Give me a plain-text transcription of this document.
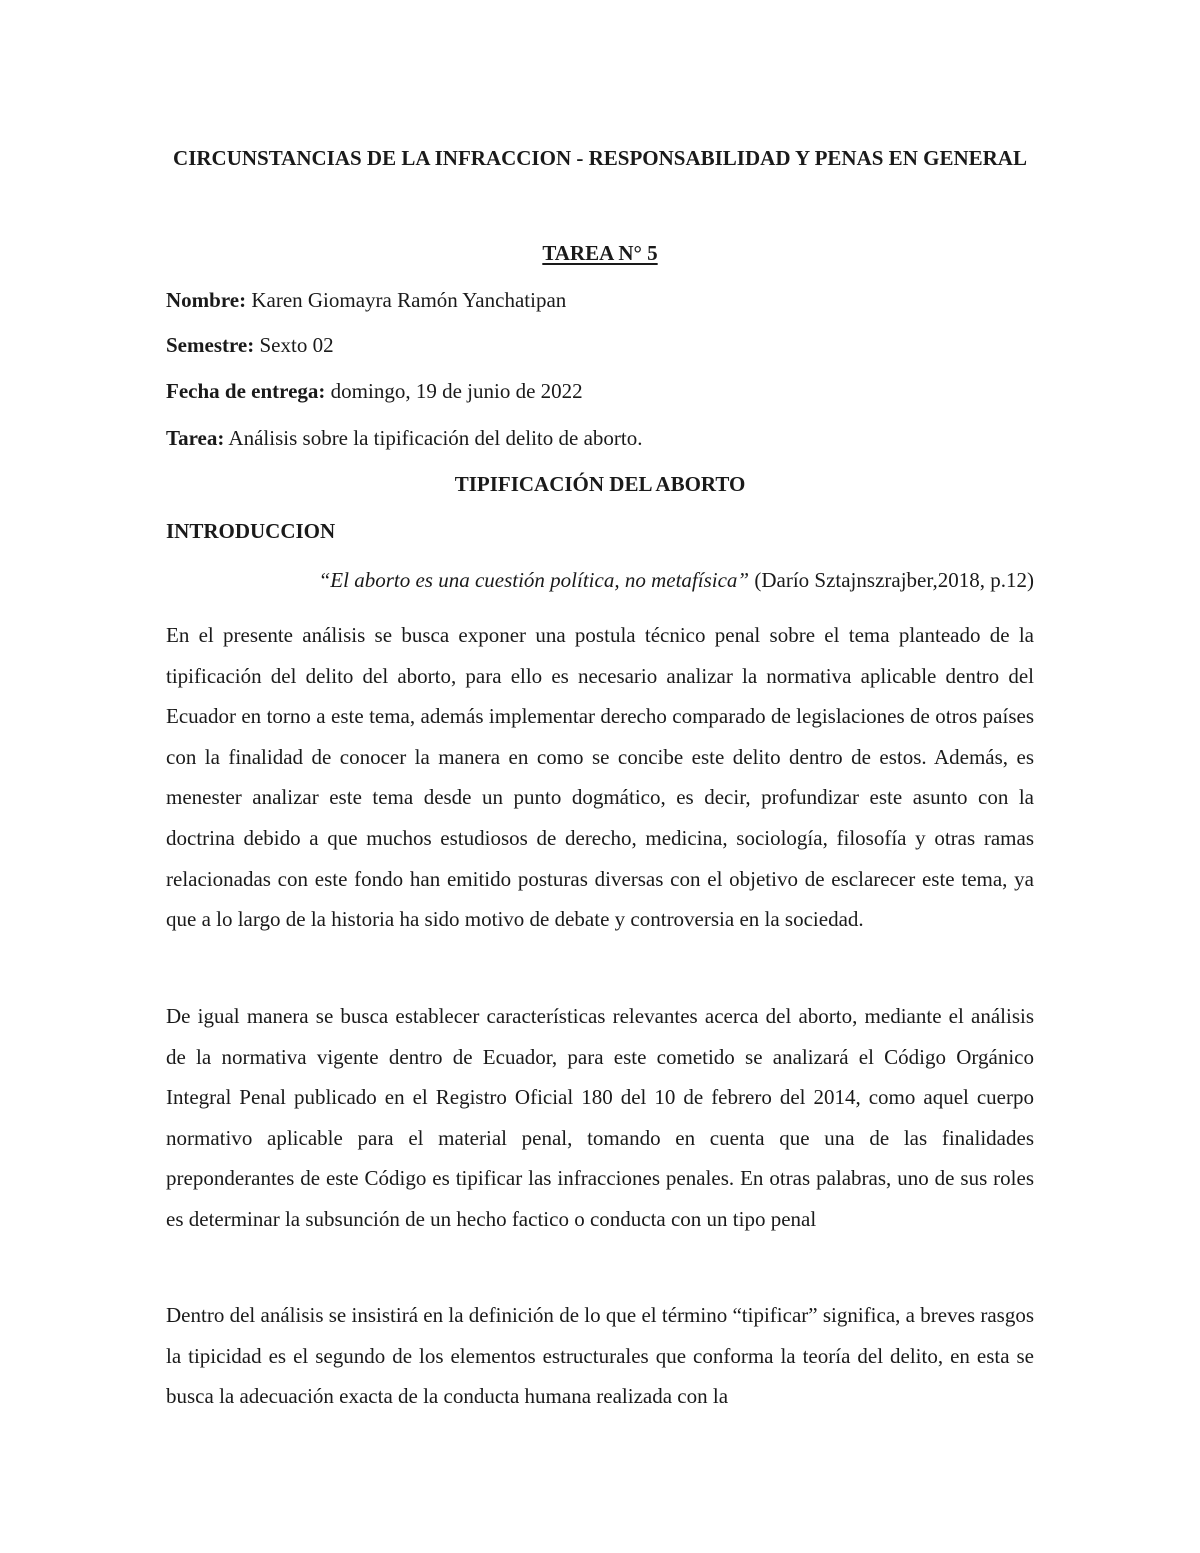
CIRCUNSTANCIAS DE LA INFRACCION - RESPONSABILIDAD Y PENAS EN GENERAL
TAREA N° 5
Nombre: Karen Giomayra Ramón Yanchatipan
Semestre: Sexto 02
Fecha de entrega: domingo, 19 de junio de 2022
Tarea: Análisis sobre la tipificación del delito de aborto.
TIPIFICACIÓN DEL ABORTO
INTRODUCCION
“El aborto es una cuestión política, no metafísica” (Darío Sztajnszrajber,2018, p.12)

En el presente análisis se busca exponer una postula técnico penal sobre el tema planteado de la tipificación del delito del aborto, para ello es necesario analizar la normativa aplicable dentro del Ecuador en torno a este tema, además implementar derecho comparado de legislaciones de otros países con la finalidad de conocer la manera en como se concibe este delito dentro de estos. Además, es menester analizar este tema desde un punto dogmático, es decir, profundizar este asunto con la doctrina debido a que muchos estudiosos de derecho, medicina, sociología, filosofía y otras ramas relacionadas con este fondo han emitido posturas diversas con el objetivo de esclarecer este tema, ya que a lo largo de la historia ha sido motivo de debate y controversia en la sociedad.

De igual manera se busca establecer características relevantes acerca del aborto, mediante el análisis de la normativa vigente dentro de Ecuador, para este cometido se analizará el Código Orgánico Integral Penal publicado en el Registro Oficial 180 del 10 de febrero del 2014, como aquel cuerpo normativo aplicable para el material penal, tomando en cuenta que una de las finalidades preponderantes de este Código es tipificar las infracciones penales. En otras palabras, uno de sus roles es determinar la subsunción de un hecho factico o conducta con un tipo penal

Dentro del análisis se insistirá en la definición de lo que el término “tipificar” significa, a breves rasgos la tipicidad es el segundo de los elementos estructurales que conforma la teoría del delito, en esta se busca la adecuación exacta de la conducta humana realizada con la
